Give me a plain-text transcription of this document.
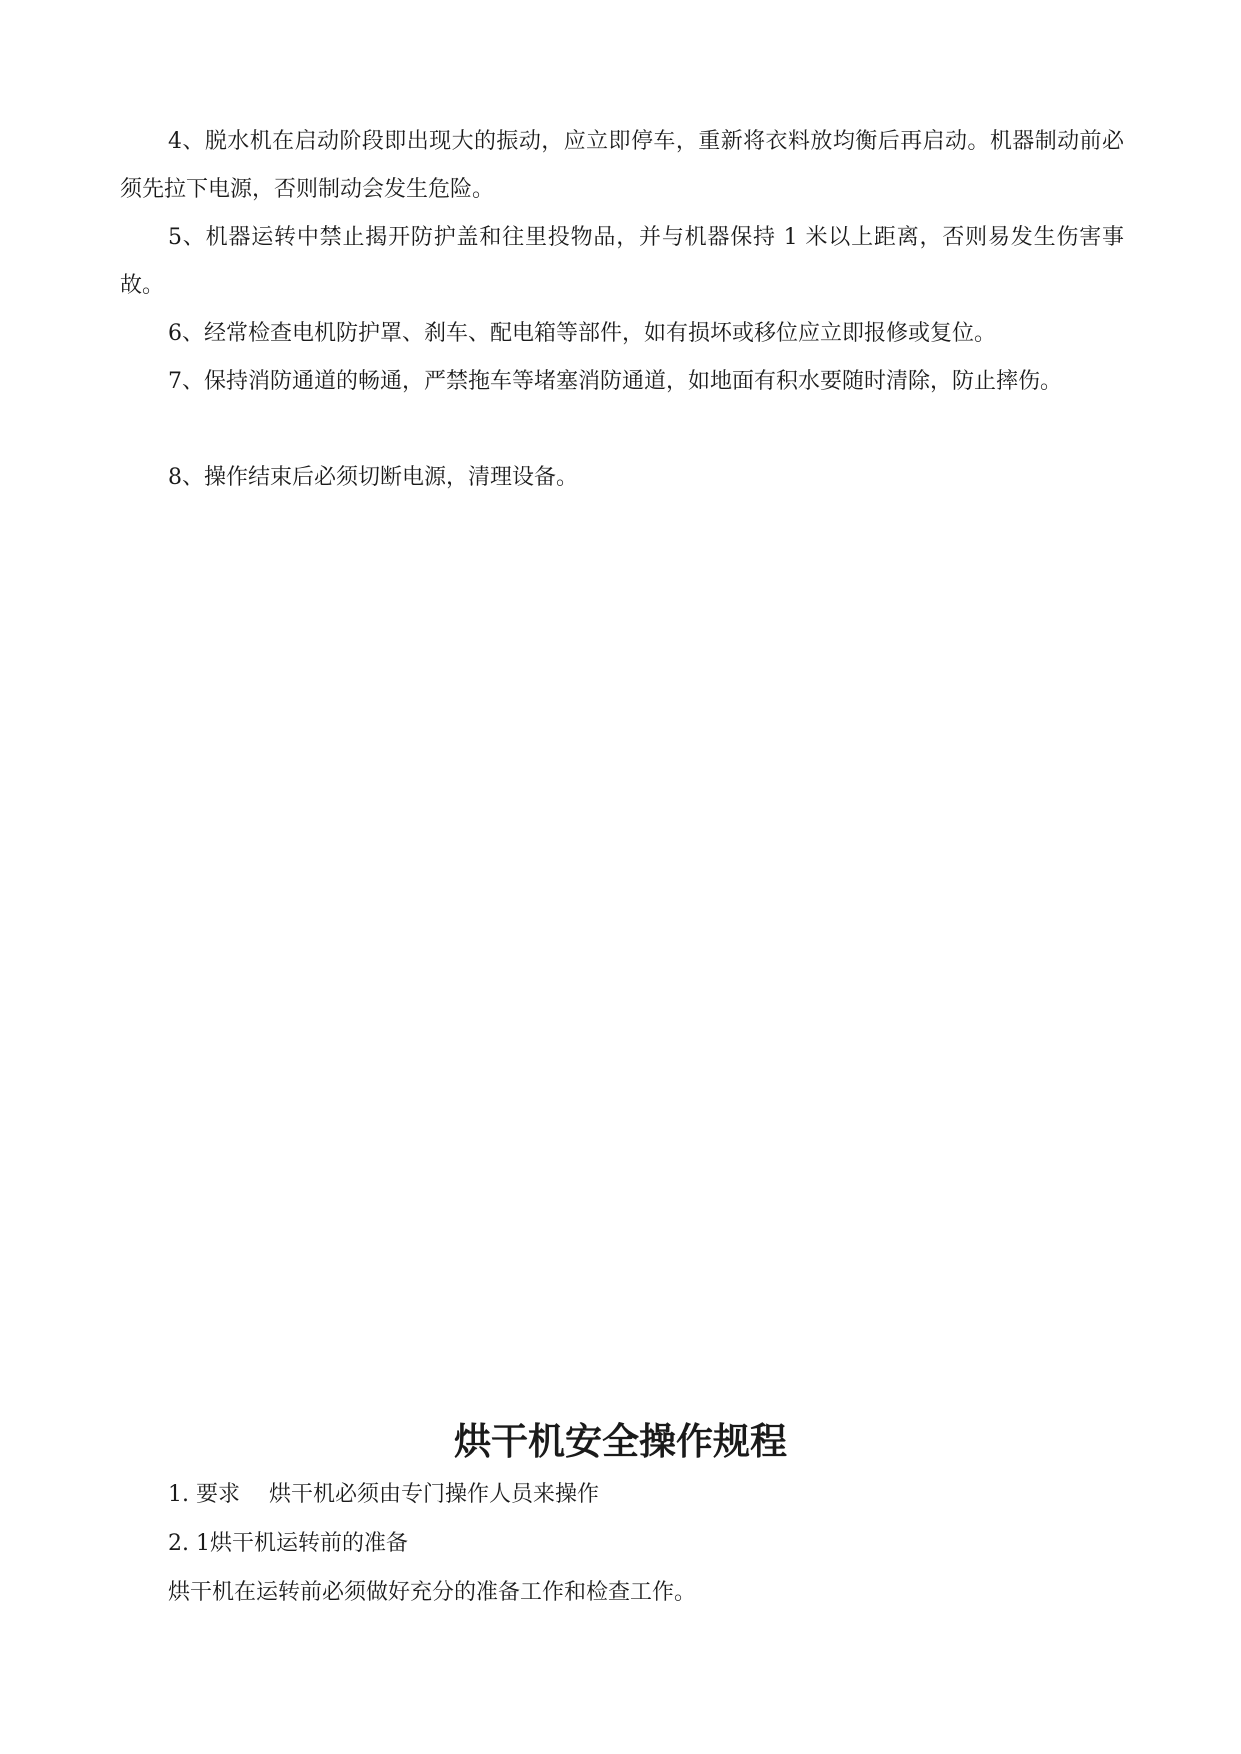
4、脱水机在启动阶段即出现大的振动，应立即停车，重新将衣料放均衡后再启动。机器制动前必须先拉下电源，否则制动会发生危险。

5、机器运转中禁止揭开防护盖和往里投物品，并与机器保持 1 米以上距离，否则易发生伤害事故。

6、经常检查电机防护罩、刹车、配电箱等部件，如有损坏或移位应立即报修或复位。

7、保持消防通道的畅通，严禁拖车等堵塞消防通道，如地面有积水要随时清除，防止摔伤。

8、操作结束后必须切断电源，清理设备。

烘干机安全操作规程

1. 要求　 烘干机必须由专门操作人员来操作

2. 1烘干机运转前的准备

烘干机在运转前必须做好充分的准备工作和检查工作。
